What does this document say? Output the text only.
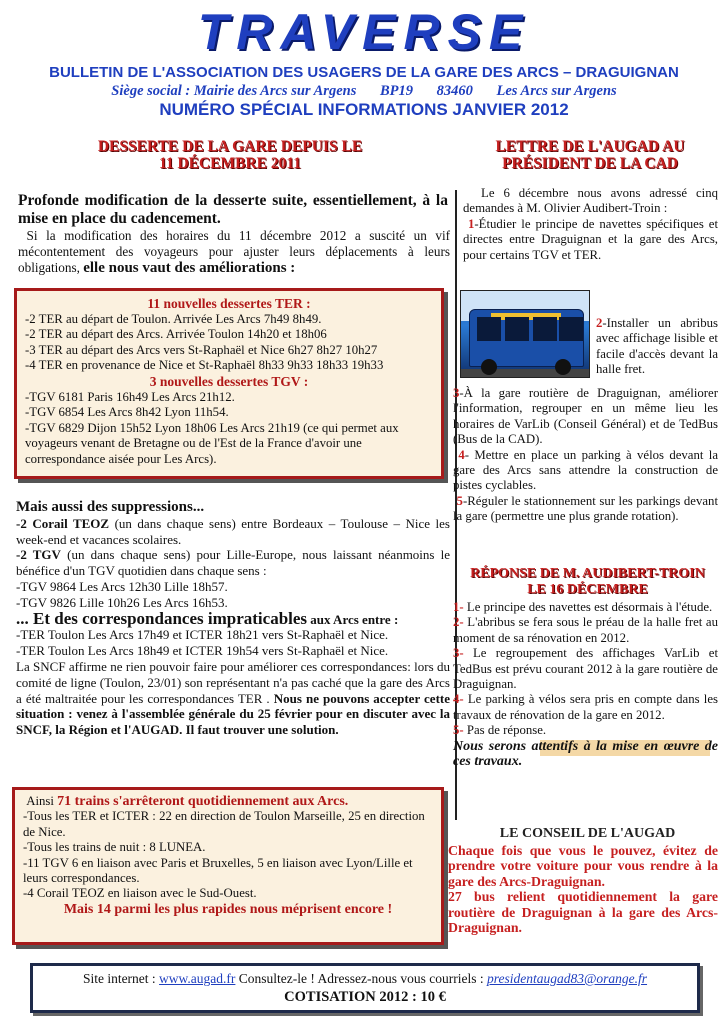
TRAVERSE
BULLETIN DE L'ASSOCIATION DES USAGERS DE LA GARE DES ARCS – DRAGUIGNAN
Siège social : Mairie des Arcs sur Argens BP19 83460 Les Arcs sur Argens
NUMÉRO SPÉCIAL INFORMATIONS JANVIER 2012
DESSERTE DE LA GARE DEPUIS LE
11 DÉCEMBRE 2011
Profonde modification de la desserte suite, essentiellement, à la mise en place du cadencement.
Si la modification des horaires du 11 décembre 2012 a suscité un vif mécontentement des voyageurs pour ajuster leurs déplacements à leurs obligations, elle nous vaut des améliorations :
11 nouvelles dessertes TER :
-2 TER au départ de Toulon. Arrivée Les Arcs 7h49 8h49.
-2 TER au départ des Arcs. Arrivée Toulon 14h20 et 18h06
-3 TER au départ des Arcs vers St-Raphaël et Nice 6h27 8h27 10h27
-4 TER en provenance de Nice et St-Raphaël 8h33 9h33 18h33 19h33
3 nouvelles dessertes TGV :
-TGV 6181 Paris 16h49 Les Arcs 21h12.
-TGV 6854 Les Arcs 8h42 Lyon 11h54.
-TGV 6829 Dijon 15h52 Lyon 18h06 Les Arcs 21h19 (ce qui permet aux voyageurs venant de Bretagne ou de l'Est de la France d'avoir une correspondance aisée pour Les Arcs).
Mais aussi des suppressions...
-2 Corail TEOZ (un dans chaque sens) entre Bordeaux – Toulouse – Nice les week-end et vacances scolaires.
-2 TGV (un dans chaque sens) pour Lille-Europe, nous laissant néanmoins le bénéfice d'un TGV quotidien dans chaque sens :
-TGV 9864 Les Arcs 12h30 Lille 18h57.
-TGV 9826 Lille 10h26 Les Arcs 16h53.
... Et des correspondances impraticables aux Arcs entre :
-TER Toulon Les Arcs 17h49 et ICTER 18h21 vers St-Raphaël et Nice.
-TER Toulon Les Arcs 18h49 et ICTER 19h54 vers St-Raphaël et Nice.
La SNCF affirme ne rien pouvoir faire pour améliorer ces correspondances: lors du comité de ligne (Toulon, 23/01) son représentant n'a pas caché que la gare des Arcs a été maltraitée pour les correspondances TER . Nous ne pouvons accepter cette situation : venez à l'assemblée générale du 25 février pour en discuter avec la SNCF, la Région et l'AUGAD. Il faut trouver une solution.
Ainsi 71 trains s'arrêteront quotidiennement aux Arcs.
-Tous les TER et ICTER : 22 en direction de Toulon Marseille, 25 en direction de Nice.
-Tous les trains de nuit : 8 LUNEA.
-11 TGV 6 en liaison avec Paris et Bruxelles, 5 en liaison avec Lyon/Lille et leurs correspondances.
-4 Corail TEOZ en liaison avec le Sud-Ouest.
Mais 14 parmi les plus rapides nous méprisent encore !
LETTRE DE L'AUGAD AU
PRÉSIDENT DE LA CAD
Le 6 décembre nous avons adressé cinq demandes à M. Olivier Audibert-Troin :
1-Étudier le principe de navettes spécifiques et directes entre Draguignan et la gare des Arcs, pour certains TGV et TER.
2-Installer un abribus avec affichage lisible et facile d'accès devant la halle fret.
3-À la gare routière de Draguignan, améliorer l'information, regrouper en un même lieu les horaires de VarLib (Conseil Général) et de TedBus (Bus de la CAD).
4- Mettre en place un parking à vélos devant la gare des Arcs sans attendre la construction de pistes cyclables.
5-Réguler le stationnement sur les parkings devant la gare (permettre une plus grande rotation).
RÉPONSE DE M. AUDIBERT-TROIN
LE 16 DÉCEMBRE
1- Le principe des navettes est désormais à l'étude.
2- L'abribus se fera sous le préau de la halle fret au moment de sa rénovation en 2012.
3- Le regroupement des affichages VarLib et TedBus est prévu courant 2012 à la gare routière de Draguignan.
4- Le parking à vélos sera pris en compte dans les travaux de rénovation de la gare en 2012.
5- Pas de réponse.
Nous serons attentifs à la mise en œuvre de ces travaux.
LE CONSEIL DE L'AUGAD
Chaque fois que vous le pouvez, évitez de prendre votre voiture pour vous rendre à la gare des Arcs-Draguignan.
27 bus relient quotidiennement la gare routière de Draguignan à la gare des Arcs-Draguignan.
Site internet : www.augad.fr Consultez-le ! Adressez-nous vous courriels : presidentaugad83@orange.fr
COTISATION 2012 : 10 €
